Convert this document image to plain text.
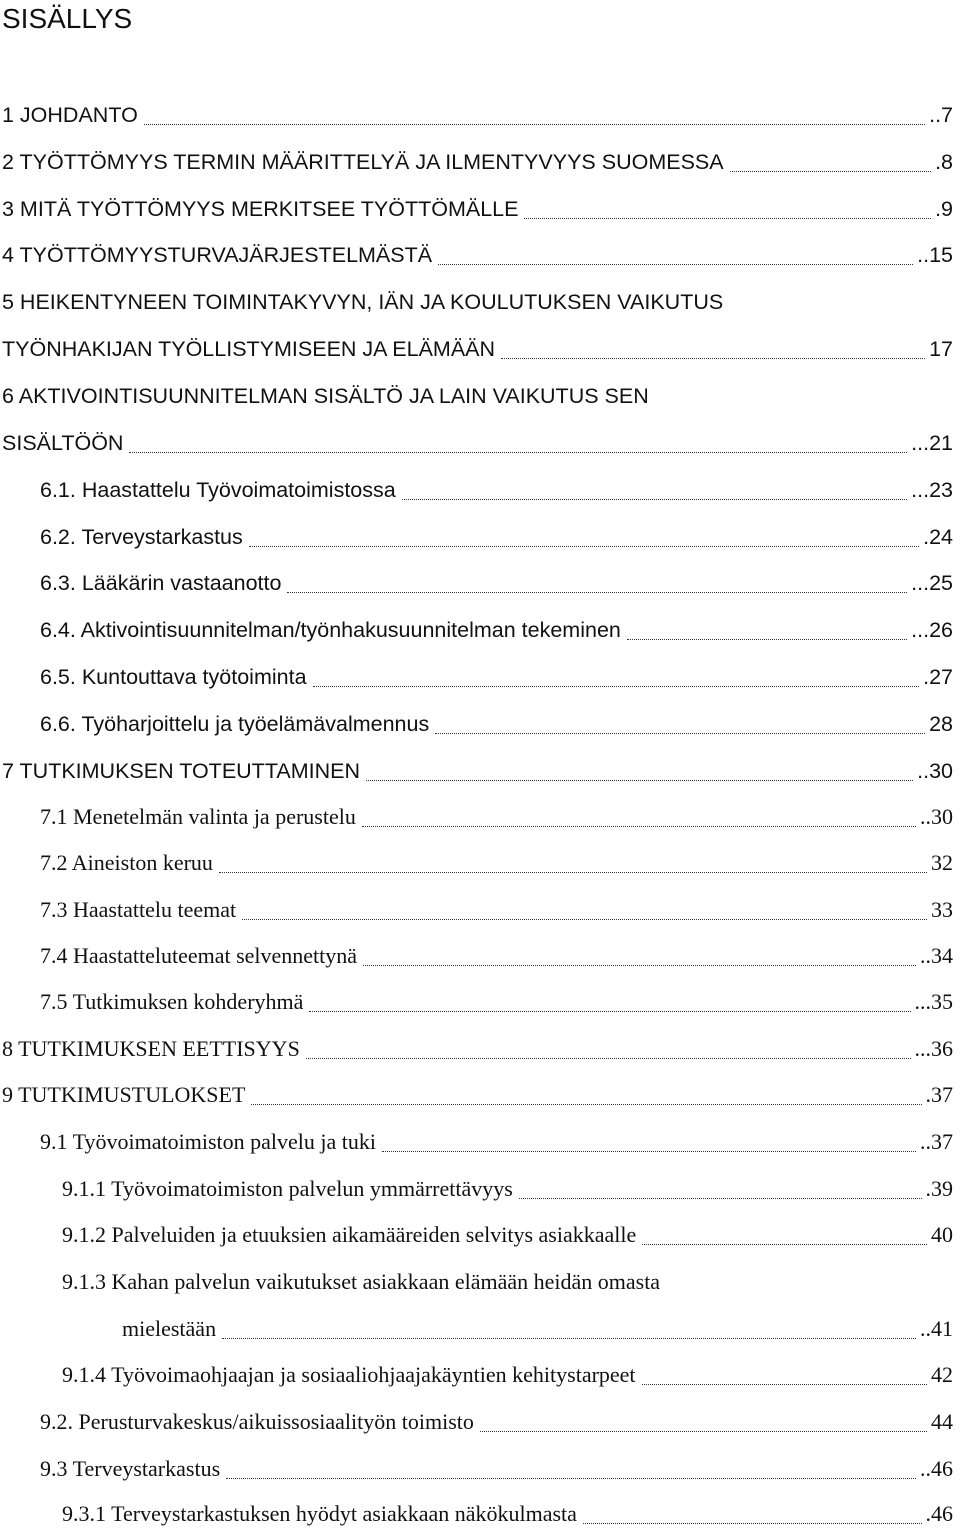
SISÄLLYS
1 JOHDANTO	..7
2 TYÖTTÖMYYS TERMIN MÄÄRITTELYÄ JA ILMENTYVYYS SUOMESSA	.8
3 MITÄ TYÖTTÖMYYS MERKITSEE TYÖTTÖMÄLLE	.9
4 TYÖTTÖMYYSTURVAJÄRJESTELMÄSTÄ	..15
5 HEIKENTYNEEN TOIMINTAKYVYN, IÄN JA KOULUTUKSEN VAIKUTUS
TYÖNHAKIJAN TYÖLLISTYMISEEN JA ELÄMÄÄN	17
6 AKTIVOINTISUUNNITELMAN SISÄLTÖ JA LAIN VAIKUTUS SEN
SISÄLTÖÖN	...21
6.1. Haastattelu Työvoimatoimistossa	...23
6.2. Terveystarkastus	.24
6.3. Lääkärin vastaanotto	...25
6.4. Aktivointisuunnitelman/työnhakusuunnitelman tekeminen	...26
6.5. Kuntouttava työtoiminta	.27
6.6. Työharjoittelu ja työelämävalmennus	28
7 TUTKIMUKSEN TOTEUTTAMINEN	..30
7.1 Menetelmän valinta ja perustelu	..30
7.2 Aineiston keruu	32
7.3 Haastattelu teemat	33
7.4 Haastatteluteemat selvennettynä	..34
7.5 Tutkimuksen kohderyhmä	...35
8 TUTKIMUKSEN EETTISYYS	...36
9 TUTKIMUSTULOKSET	.37
9.1 Työvoimatoimiston palvelu ja tuki	..37
9.1.1 Työvoimatoimiston palvelun ymmärrettävyys	.39
9.1.2 Palveluiden ja etuuksien aikamääreiden selvitys asiakkaalle	40
9.1.3 Kahan palvelun vaikutukset asiakkaan elämään heidän omasta
mielestään	..41
9.1.4 Työvoimaohjaajan ja sosiaaliohjaajakäyntien kehitystarpeet	42
9.2. Perusturvakeskus/aikuissosiaalityön toimisto	44
9.3 Terveystarkastus	..46
9.3.1 Terveystarkastuksen hyödyt asiakkaan näkökulmasta	.46
